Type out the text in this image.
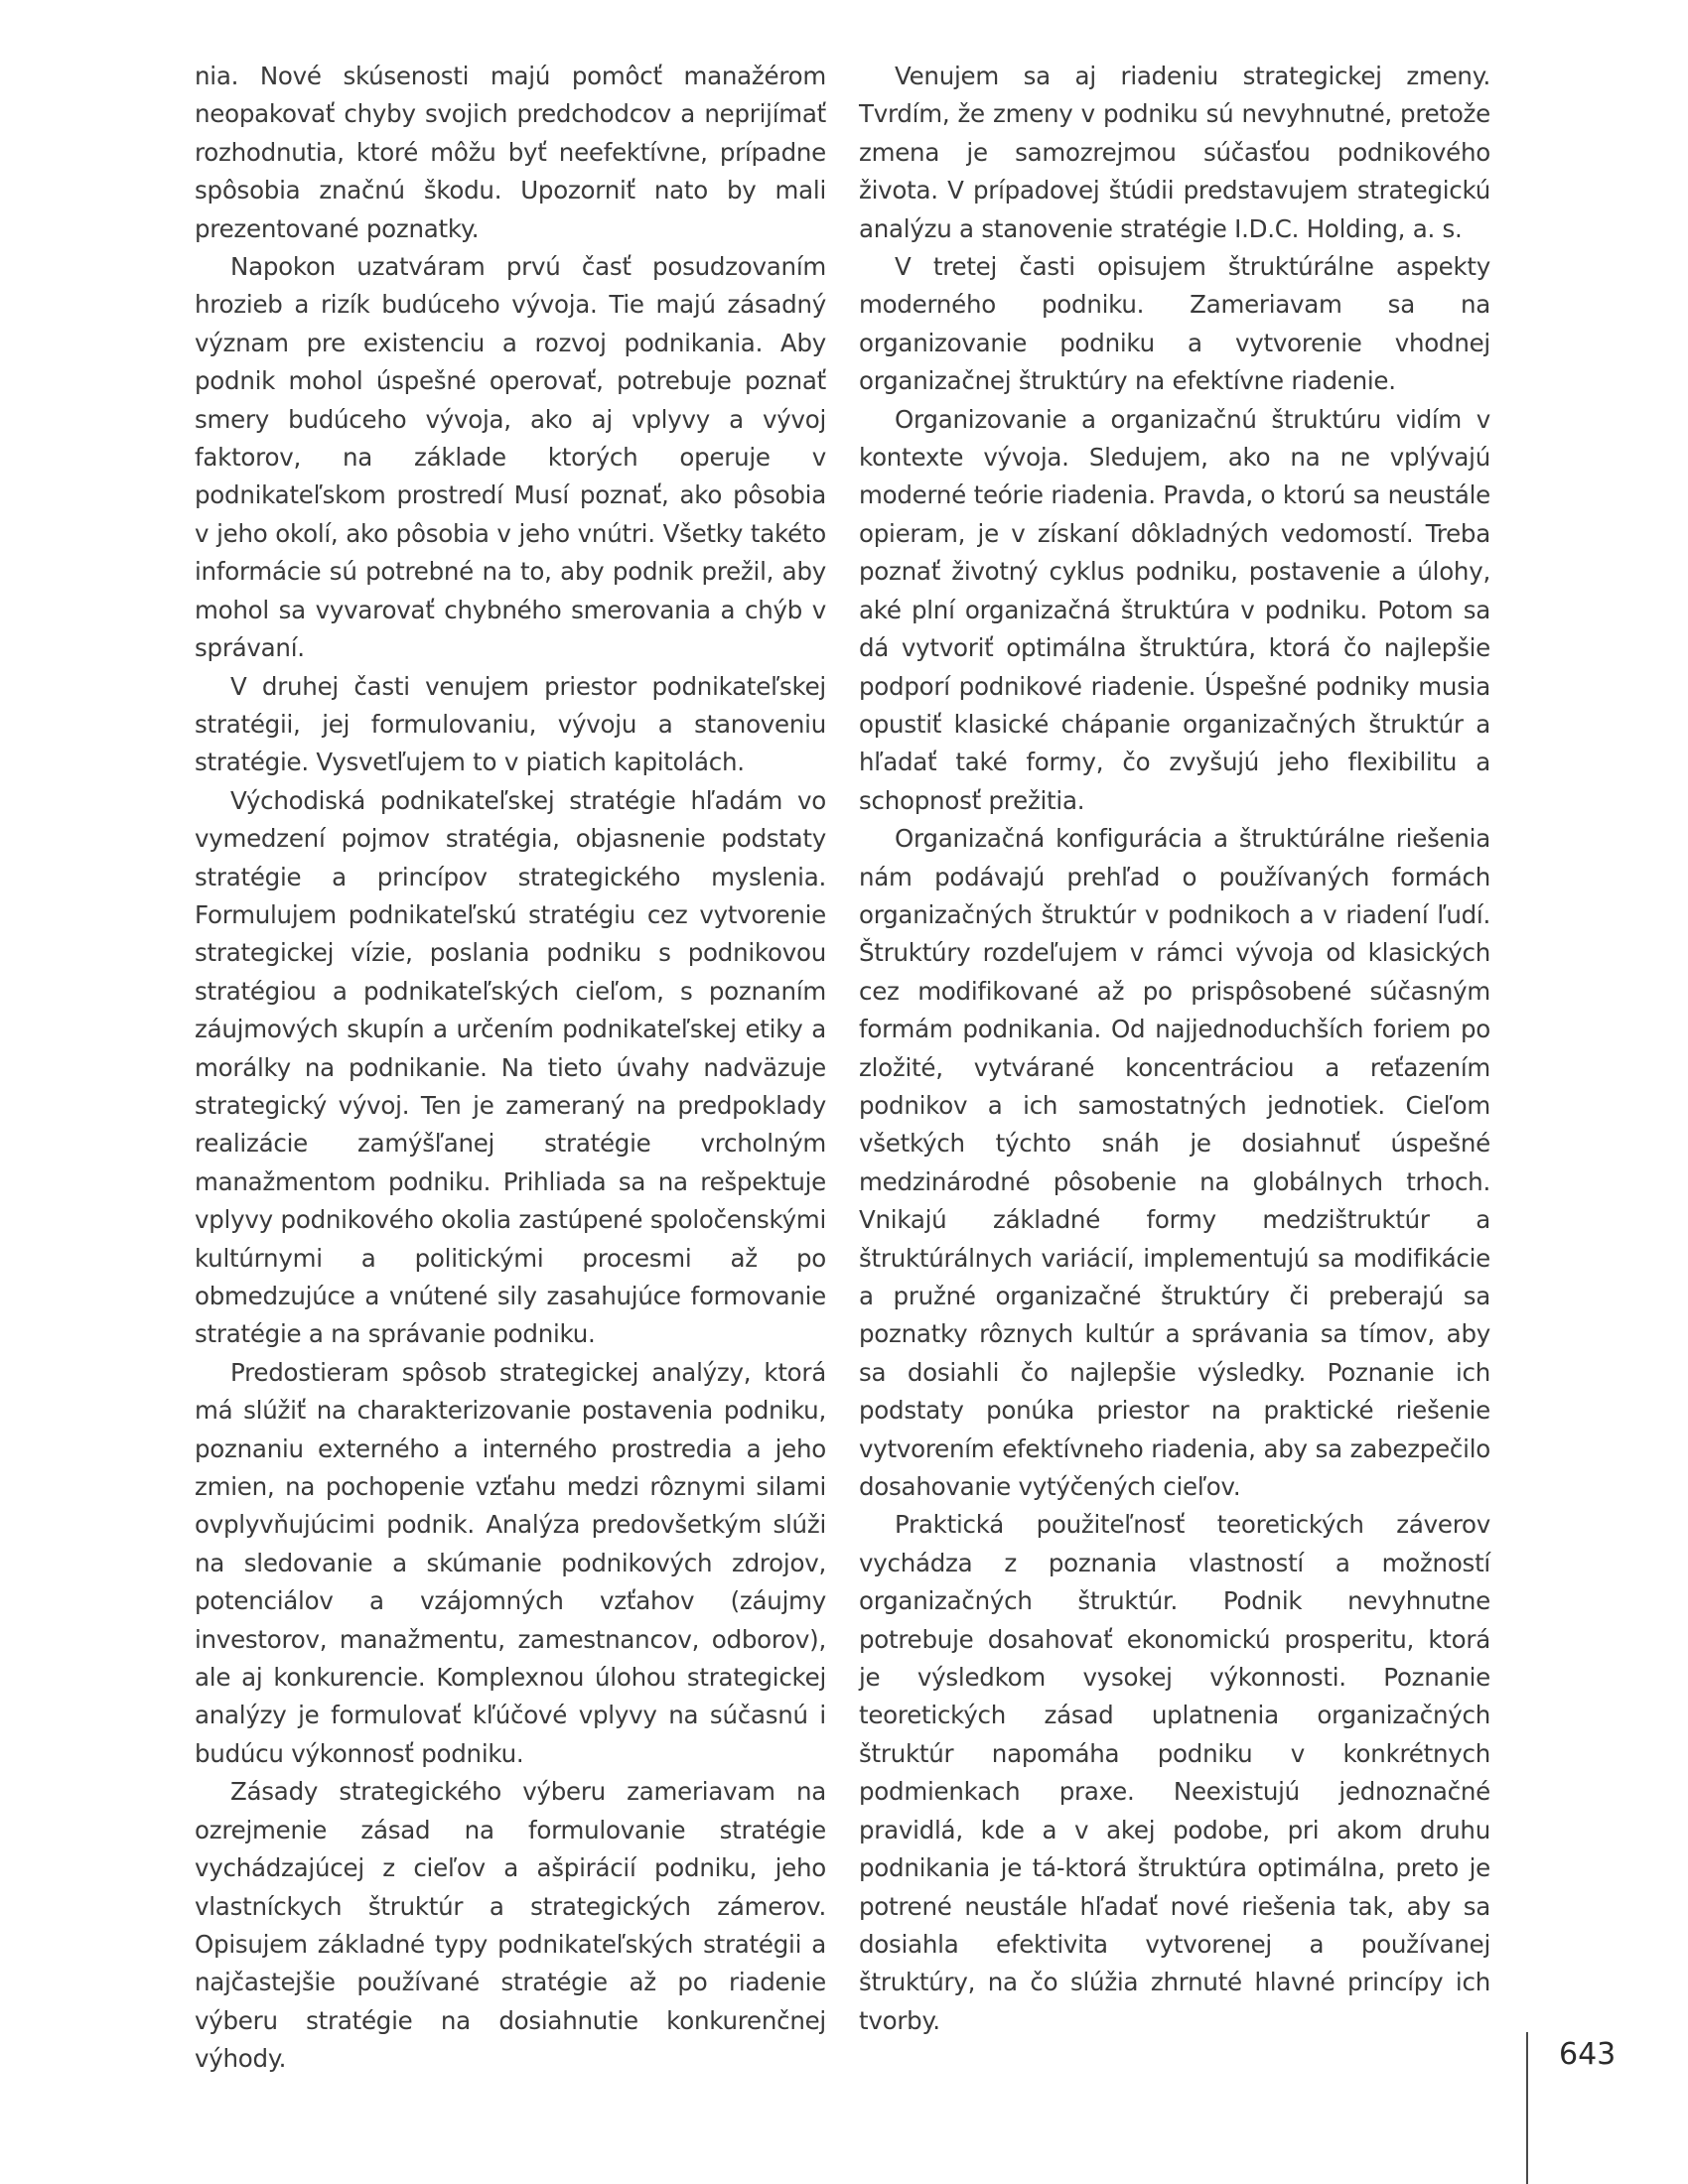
nia. Nové skúsenosti majú pomôcť manažérom neopakovať chyby svojich predchodcov a neprijímať rozhodnutia, ktoré môžu byť neefektívne, prípadne spôsobia značnú škodu. Upozorniť nato by mali prezentované poznatky.

Napokon uzatváram prvú časť posudzovaním hrozieb a rizík budúceho vývoja. Tie majú zásadný význam pre existenciu a rozvoj podnikania. Aby podnik mohol úspešné operovať, potrebuje poznať smery budúceho vývoja, ako aj vplyvy a vývoj faktorov, na základe ktorých operuje v podnikateľskom prostredí Musí poznať, ako pôsobia v jeho okolí, ako pôsobia v jeho vnútri. Všetky takéto informácie sú potrebné na to, aby podnik prežil, aby mohol sa vyvarovať chybného smerovania a chýb v správaní.

V druhej časti venujem priestor podnikateľskej stratégii, jej formulovaniu, vývoju a stanoveniu stratégie. Vysvetľujem to v piatich kapitolách.

Východiská podnikateľskej stratégie hľadám vo vymedzení pojmov stratégia, objasnenie podstaty stratégie a princípov strategického myslenia. Formulujem podnikateľskú stratégiu cez vytvorenie strategickej vízie, poslania podniku s podnikovou stratégiou a podnikateľských cieľom, s poznaním záujmových skupín a určením podnikateľskej etiky a morálky na podnikanie. Na tieto úvahy nadväzuje strategický vývoj. Ten je zameraný na predpoklady realizácie zamýšľanej stratégie vrcholným manažmentom podniku. Prihliada sa na rešpektuje vplyvy podnikového okolia zastúpené spoločenskými kultúrnymi a politickými procesmi až po obmedzujúce a vnútené sily zasahujúce formovanie stratégie a na správanie podniku.

Predostieram spôsob strategickej analýzy, ktorá má slúžiť na charakterizovanie postavenia podniku, poznaniu externého a interného prostredia a jeho zmien, na pochopenie vzťahu medzi rôznymi silami ovplyvňujúcimi podnik. Analýza predovšetkým slúži na sledovanie a skúmanie podnikových zdrojov, potenciálov a vzájomných vzťahov (záujmy investorov, manažmentu, zamestnancov, odborov), ale aj konkurencie. Komplexnou úlohou strategickej analýzy je formulovať kľúčové vplyvy na súčasnú i budúcu výkonnosť podniku.

Zásady strategického výberu zameriavam na ozrejmenie zásad na formulovanie stratégie vychádzajúcej z cieľov a ašpirácií podniku, jeho vlastníckych štruktúr a strategických zámerov. Opisujem základné typy podnikateľských stratégii a najčastejšie používané stratégie až po riadenie výberu stratégie na dosiahnutie konkurenčnej výhody.

Venujem sa aj riadeniu strategickej zmeny. Tvrdím, že zmeny v podniku sú nevyhnutné, pretože zmena je samozrejmou súčasťou podnikového života. V prípadovej štúdii predstavujem strategickú analýzu a stanovenie stratégie I.D.C. Holding, a. s.

V tretej časti opisujem štruktúrálne aspekty moderného podniku. Zameriavam sa na organizovanie podniku a vytvorenie vhodnej organizačnej štruktúry na efektívne riadenie.

Organizovanie a organizačnú štruktúru vidím v kontexte vývoja. Sledujem, ako na ne vplývajú moderné teórie riadenia. Pravda, o ktorú sa neustále opieram, je v získaní dôkladných vedomostí. Treba poznať životný cyklus podniku, postavenie a úlohy, aké plní organizačná štruktúra v podniku. Potom sa dá vytvoriť optimálna štruktúra, ktorá čo najlepšie podporí podnikové riadenie. Úspešné podniky musia opustiť klasické chápanie organizačných štruktúr a hľadať také formy, čo zvyšujú jeho flexibilitu a schopnosť prežitia.

Organizačná konfigurácia a štruktúrálne riešenia nám podávajú prehľad o používaných formách organizačných štruktúr v podnikoch a v riadení ľudí. Štruktúry rozdeľujem v rámci vývoja od klasických cez modifikované až po prispôsobené súčasným formám podnikania. Od najjednoduchších foriem po zložité, vytvárané koncentráciou a reťazením podnikov a ich samostatných jednotiek. Cieľom všetkých týchto snáh je dosiahnuť úspešné medzinárodné pôsobenie na globálnych trhoch. Vnikajú základné formy medzištruktúr a štruktúrálnych variácií, implementujú sa modifikácie a pružné organizačné štruktúry či preberajú sa poznatky rôznych kultúr a správania sa tímov, aby sa dosiahli čo najlepšie výsledky. Poznanie ich podstaty ponúka priestor na praktické riešenie vytvorením efektívneho riadenia, aby sa zabezpečilo dosahovanie vytýčených cieľov.

Praktická použiteľnosť teoretických záverov vychádza z poznania vlastností a možností organizačných štruktúr. Podnik nevyhnutne potrebuje dosahovať ekonomickú prosperitu, ktorá je výsledkom vysokej výkonnosti. Poznanie teoretických zásad uplatnenia organizačných štruktúr napomáha podniku v konkrétnych podmienkach praxe. Neexistujú jednoznačné pravidlá, kde a v akej podobe, pri akom druhu podnikania je tá-ktorá štruktúra optimálna, preto je potrené neustále hľadať nové riešenia tak, aby sa dosiahla efektivita vytvorenej a používanej štruktúry, na čo slúžia zhrnuté hlavné princípy ich tvorby.

643
